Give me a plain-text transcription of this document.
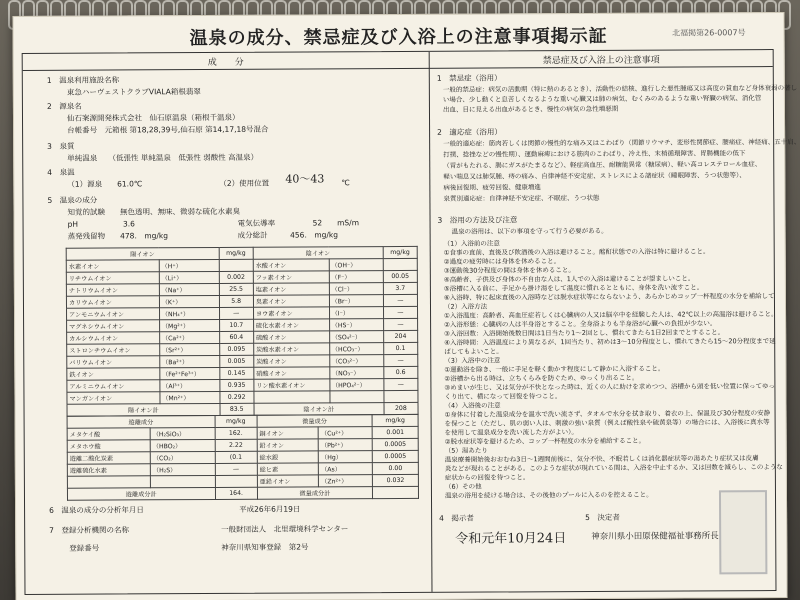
温泉の成分、禁忌症及び入浴上の注意事項掲示証	北福掲第26-0007号
成　　分	禁忌症及び入浴上の注意事項
1　温泉利用施設名称
東急ハーヴェストクラブVIALA箱根翡翠
2　源泉名
仙石案源開発株式会社　仙石原温泉（箱根千温泉）
台帳番号　元箱根 第18,28,39号,仙石原 第14,17,18号混合
3　泉質
単純温泉　　（低張性 単純温泉　低張性 弱酸性 高温泉）
4　泉温
（1）源泉　　61.0℃	（2）使用位置 40～43 ℃
5　温泉の成分
知覚的試験　　無色透明、無味、微弱な硫化水素臭
pH　　　　　　3.6	電気伝導率　　　　　52　　mS/m
蒸発残留物　　478.　mg/kg	成分総計　　　456.　mg/kg
陽イオン		mg/kg	陰イオン		mg/kg
水素イオン	（H⁺）		水酸イオン	（OH⁻）	
リチウムイオン	（Li⁺）	0.002	フッ素イオン	（F⁻）	00.05
ナトリウムイオン	（Na⁺）	25.5	塩素イオン	（Cl⁻）	3.7
カリウムイオン	（K⁺）	5.8	臭素イオン	（Br⁻）	—
アンモニウムイオン	（NH₄⁺）	—	ヨウ素イオン	（I⁻）	—
マグネシウムイオン	（Mg²⁺）	10.7	硫化水素イオン	（HS⁻）	—
カルシウムイオン	（Ca²⁺）	60.4	硫酸イオン	（SO₄²⁻）	204
ストロンチウムイオン	（Sr²⁺）	0.095	炭酸水素イオン	（HCO₃⁻）	0.1
バリウムイオン	（Ba²⁺）	0.005	炭酸イオン	（CO₃²⁻）	—
鉄イオン	（Fe²⁺Fe³⁺）	0.145	硝酸イオン	（NO₃⁻）	0.6
アルミニウムイオン	（Al³⁺）	0.935	リン酸水素イオン	（HPO₄²⁻）	—
マンガンイオン	（Mn²⁺）	0.292			
陽イオン計		83.5	陰イオン計		208
遊離成分		mg/kg	微量成分		mg/kg
メタケイ酸	（H₂SiO₃）	162.	銅イオン	（Cu²⁺）	0.001
メタホウ酸	（HBO₂）	2.22	鉛イオン	（Pb²⁺）	0.0005
遊離二酸化炭素	（CO₂）	(0.1	総水銀	（Hg）	0.0005
遊離硫化水素	（H₂S）	—	総ヒ素	（As）	0.00
			亜鉛イオン	（Zn²⁺）	0.032
遊離成分計		164.	微量成分計		
6　温泉の成分の分析年月日	平成26年6月19日
7　登録分析機関の名称	一般財団法人　北里環境科学センター
登録番号	神奈川県知事登録　第2号
1　禁忌症（浴用）
一般的禁忌症：病気の活動期（特に熱のあるとき）、活動性の結核、進行した悪性腫瘍又は高度の貧血など身体衰弱の著し
い場合、少し動くと息苦しくなるような重い心臓又は肺の病気、むくみのあるような重い腎臓の病気、消化管
出血、目に見える出血があるとき、慢性の病気の急性増悪期
2　適応症（浴用）
一般的適応症：筋肉若しくは関節の慢性的な痛み又はこわばり（関節リウマチ、変形性関節症、腰痛症、神経痛、五十肩、
打撲、捻挫などの慢性期）、運動麻痺における筋肉のこわばり、冷え性、末梢循環障害、胃腸機能の低下
（胃がもたれる、腸にガスがたまるなど）、軽症高血圧、耐糖能異常（糖尿病）、軽い高コレステロール血症、
軽い喘息又は肺気腫、痔の痛み、自律神経不安定症、ストレスによる諸症状（睡眠障害、うつ状態等）、
病後回復期、疲労回復、健康増進
泉質別適応症：自律神経不安定症、不眠症、うつ状態
3　浴用の方法及び注意
温泉の浴用は、以下の事項を守って行う必要がある。
（1）入浴前の注意
①食事の直前、直後及び飲酒後の入浴は避けること。酩酊状態での入浴は特に避けること。
②過度の疲労時には身体を休めること。
③運動後30分程度の間は身体を休めること。
④高齢者、子供及び身体の不自由な人は、1人での入浴は避けることが望ましいこと。
⑤浴槽に入る前に、手足から掛け湯をして温度に慣れるとともに、身体を洗い流すこと。
⑥入浴時、特に起床直後の入浴時などは脱水症状等にならないよう、あらかじめコップ一杯程度の水分を補給して
（2）入浴方法
①入浴温度：高齢者、高血圧症若しくは心臓病の人又は脳卒中を経験した人は、42℃以上の高温浴は避けること。
②入浴形態：心臓病の人は半身浴とすること。全身浴よりも半身浴が心臓への負担が少ない。
③入浴回数：入浴開始後数日間は1日当たり1～2回とし、慣れてきたら1日2回までとすること。
④入浴時間：入浴温度により異なるが、1回当たり、初めは3～10分程度とし、慣れてきたら15～20分程度まで延
ばしてもよいこと。
（3）入浴中の注意
①運動浴を除き、一般に手足を軽く動かす程度にして静かに入浴すること。
②浴槽から出る時は、立ちくらみを防ぐため、ゆっくり出ること。
③めまいが生じ、又は気分が不快となった時は、近くの人に助けを求めつつ、浴槽から頭を低い位置に保ってゆっ
くり出て、横になって回復を待つこと。
（4）入浴後の注意
①身体に付着した温泉成分を温水で洗い流さず、タオルで水分を拭き取り、着衣の上、保温及び30分程度の安静
を保つこと（ただし、肌の弱い人は、刺激の強い泉質（例えば酸性泉や硫黄泉等）の場合には、入浴後に真水等
を使用して温泉成分を洗い流した方がよい）。
②脱水症状等を避けるため、コップ一杯程度の水分を補給すること。
（5）湯あたり
温泉療養開始後おおむね3日～1週間前後に、気分不快、不眠若しくは消化器症状等の湯あたり症状又は皮膚
炎などが現れることがある。このような症状が現れている間は、入浴を中止するか、又は回数を減らし、このような
症状からの回復を待つこと。
（6）その他
温泉の浴用を続ける場合は、その後他のプールに入るのを控えること。
4　掲示者
令和元年10月24日
5　決定者
神奈川県小田原保健福祉事務所長
